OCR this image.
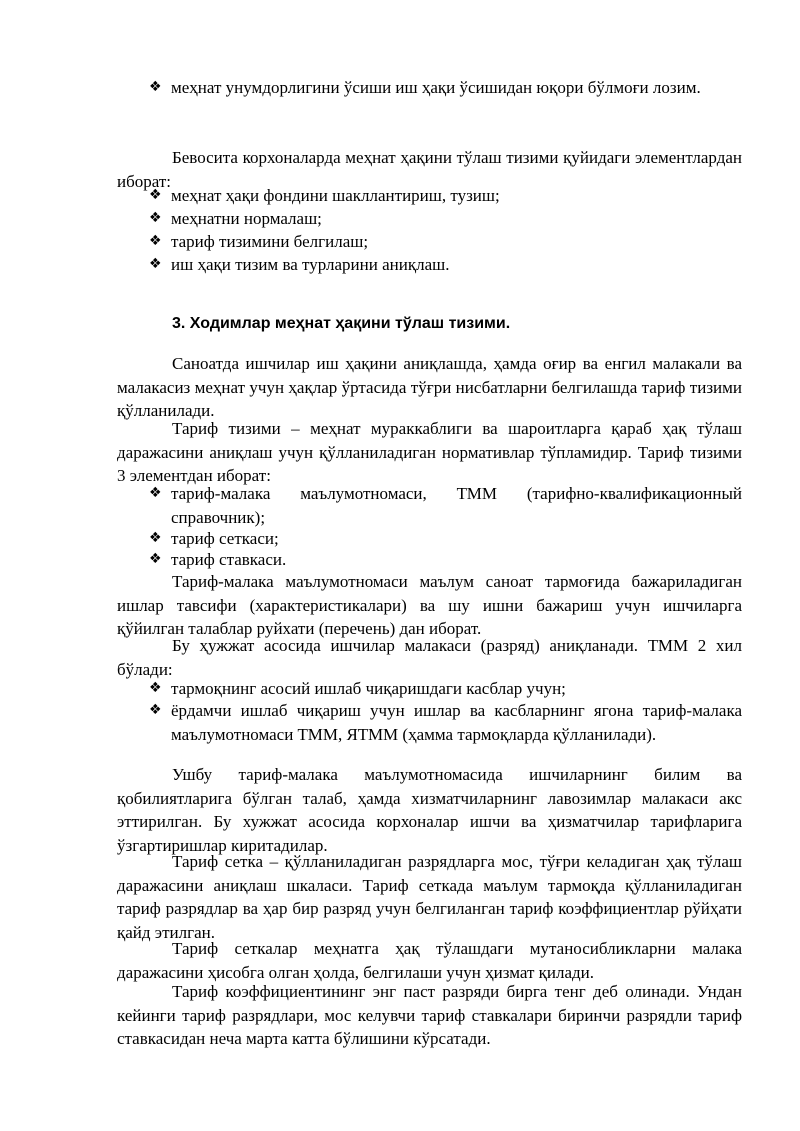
❖ меҳнат унумдорлигини ўсиши иш ҳақи ўсишидан юқори бўлмоғи лозим.
Бевосита корхоналарда меҳнат ҳақини тўлаш тизими қуйидаги элементлардан иборат:
❖ меҳнат ҳақи фондини шакллантириш, тузиш;
❖ меҳнатни нормалаш;
❖ тариф тизимини белгилаш;
❖ иш ҳақи тизим ва турларини аниқлаш.
3. Ходимлар меҳнат ҳақини тўлаш тизими.
Саноатда ишчилар иш ҳақини аниқлашда, ҳамда оғир ва енгил малакали ва малакасиз меҳнат учун ҳақлар ўртасида тўғри нисбатларни белгилашда тариф тизими қўлланилади.
Тариф тизими – меҳнат мураккаблиги ва шароитларга қараб ҳақ тўлаш даражасини аниқлаш учун қўлланиладиган нормативлар тўпламидир. Тариф тизими 3 элементдан иборат:
❖ тариф-малака маълумотномаси, ТММ (тарифно-квалификационный справочник);
❖ тариф сеткаси;
❖ тариф ставкаси.
Тариф-малака маълумотномаси маълум саноат тармоғида бажариладиган ишлар тавсифи (характеристикалари) ва шу ишни бажариш учун ишчиларга қўйилган талаблар руйхати (перечень) дан иборат.
Бу ҳужжат асосида ишчилар малакаси (разряд) аниқланади. ТММ 2 хил бўлади:
❖ тармоқнинг асосий ишлаб чиқаришдаги касблар учун;
❖ ёрдамчи ишлаб чиқариш учун ишлар ва касбларнинг ягона тариф-малака маълумотномаси ТММ, ЯТММ (ҳамма тармоқларда қўлланилади).
Ушбу тариф-малака маълумотномасида ишчиларнинг билим ва қобилиятларига бўлган талаб, ҳамда хизматчиларнинг лавозимлар малакаси акс эттирилган. Бу хужжат асосида корхоналар ишчи ва ҳизматчилар тарифларига ўзгартиришлар киритадилар.
Тариф сетка – қўлланиладиган разрядларга мос, тўғри келадиган ҳақ тўлаш даражасини аниқлаш шкаласи. Тариф сеткада маълум тармоқда қўлланиладиган тариф разрядлар ва ҳар бир разряд учун белгиланган тариф коэффициентлар рўйҳати қайд этилган.
Тариф сеткалар меҳнатга ҳақ тўлашдаги мутаносибликларни малака даражасини ҳисобга олган ҳолда, белгилаши учун ҳизмат қилади.
Тариф коэффициентининг энг паст разряди бирга тенг деб олинади. Ундан кейинги тариф разрядлари, мос келувчи тариф ставкалари биринчи разрядли тариф ставкасидан неча марта катта бўлишини кўрсатади.
